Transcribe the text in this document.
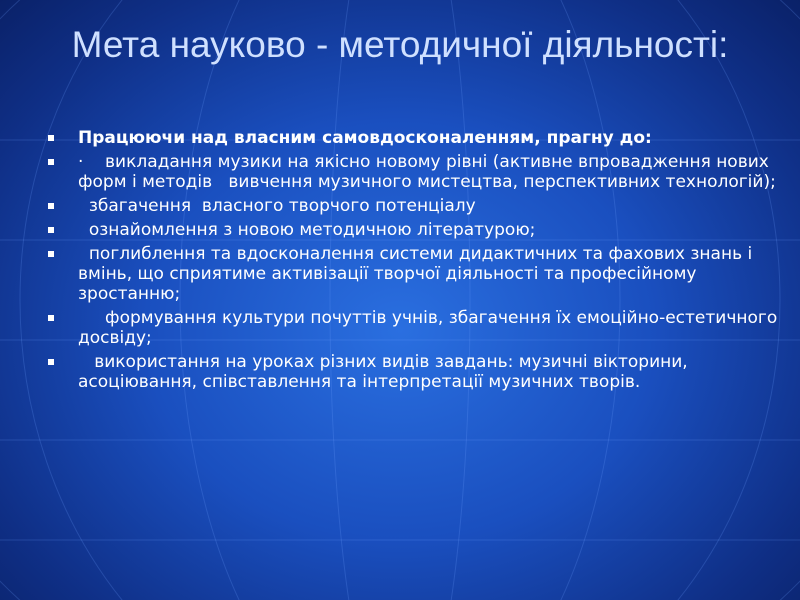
Мета науково - методичної діяльності:
Працюючи над власним самовдосконаленням, прагну до:
·    викладання музики на якісно новому рівні (активне впровадження нових форм і методів   вивчення музичного мистецтва, перспективних технологій);
збагачення  власного творчого потенціалу
ознайомлення з новою методичною літературою;
поглиблення та вдосконалення системи дидактичних та фахових знань і вмінь, що сприятиме активізації творчої діяльності та професійному зростанню;
формування культури почуттів учнів, збагачення їх емоційно-естетичного досвіду;
використання на уроках різних видів завдань: музичні вікторини, асоціювання, співставлення та інтерпретації музичних творів.
